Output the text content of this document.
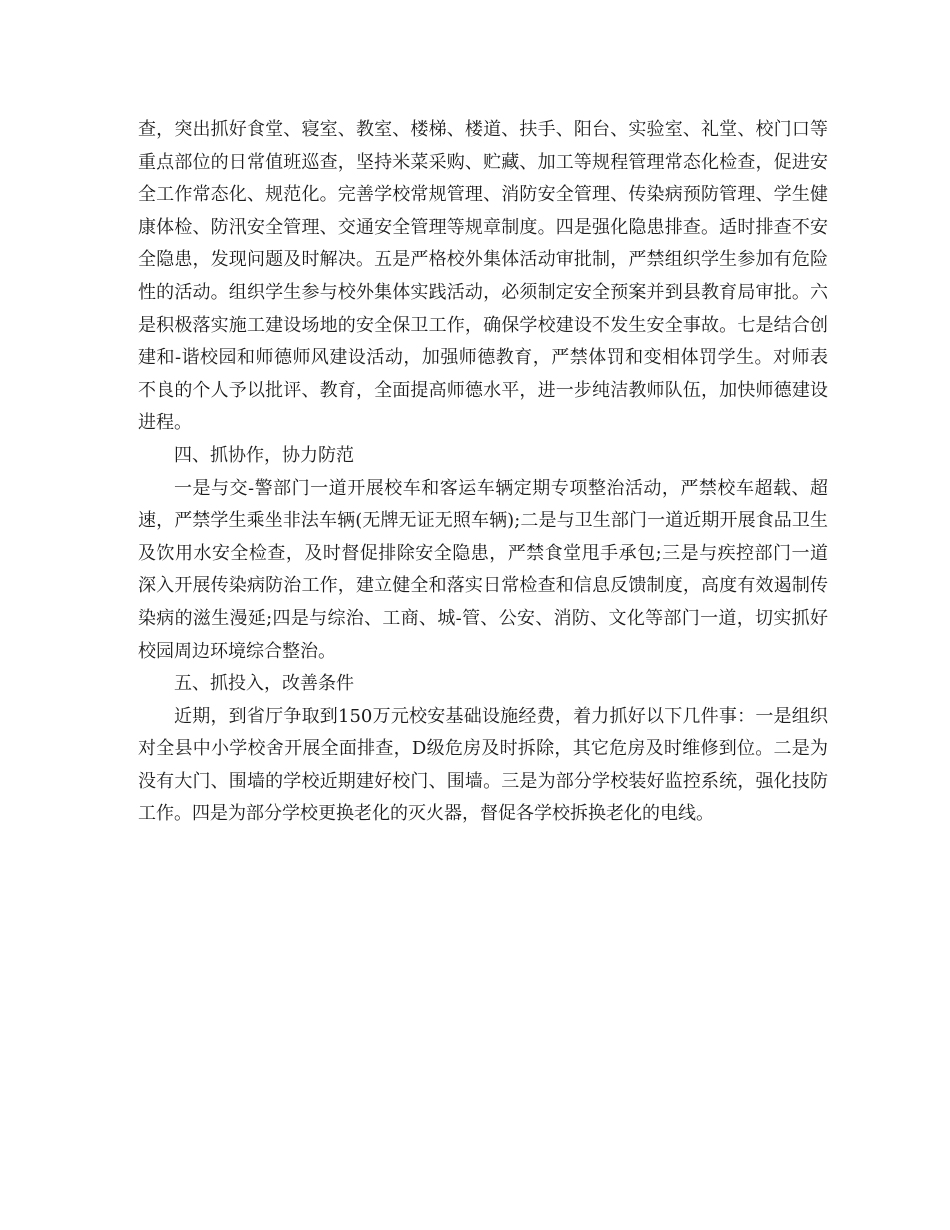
查，突出抓好食堂、寝室、教室、楼梯、楼道、扶手、阳台、实验室、礼堂、校门口等重点部位的日常值班巡查，坚持米菜采购、贮藏、加工等规程管理常态化检查，促进安全工作常态化、规范化。完善学校常规管理、消防安全管理、传染病预防管理、学生健康体检、防汛安全管理、交通安全管理等规章制度。四是强化隐患排查。适时排查不安全隐患，发现问题及时解决。五是严格校外集体活动审批制，严禁组织学生参加有危险性的活动。组织学生参与校外集体实践活动，必须制定安全预案并到县教育局审批。六是积极落实施工建设场地的安全保卫工作，确保学校建设不发生安全事故。七是结合创建和-谐校园和师德师风建设活动，加强师德教育，严禁体罚和变相体罚学生。对师表不良的个人予以批评、教育，全面提高师德水平，进一步纯洁教师队伍，加快师德建设进程。

四、抓协作，协力防范

一是与交-警部门一道开展校车和客运车辆定期专项整治活动，严禁校车超载、超速，严禁学生乘坐非法车辆(无牌无证无照车辆);二是与卫生部门一道近期开展食品卫生及饮用水安全检查，及时督促排除安全隐患，严禁食堂甩手承包;三是与疾控部门一道深入开展传染病防治工作，建立健全和落实日常检查和信息反馈制度，高度有效遏制传染病的滋生漫延;四是与综治、工商、城-管、公安、消防、文化等部门一道，切实抓好校园周边环境综合整治。

五、抓投入，改善条件

近期，到省厅争取到150万元校安基础设施经费，着力抓好以下几件事：一是组织对全县中小学校舍开展全面排查，D级危房及时拆除，其它危房及时维修到位。二是为没有大门、围墙的学校近期建好校门、围墙。三是为部分学校装好监控系统，强化技防工作。四是为部分学校更换老化的灭火器，督促各学校拆换老化的电线。
